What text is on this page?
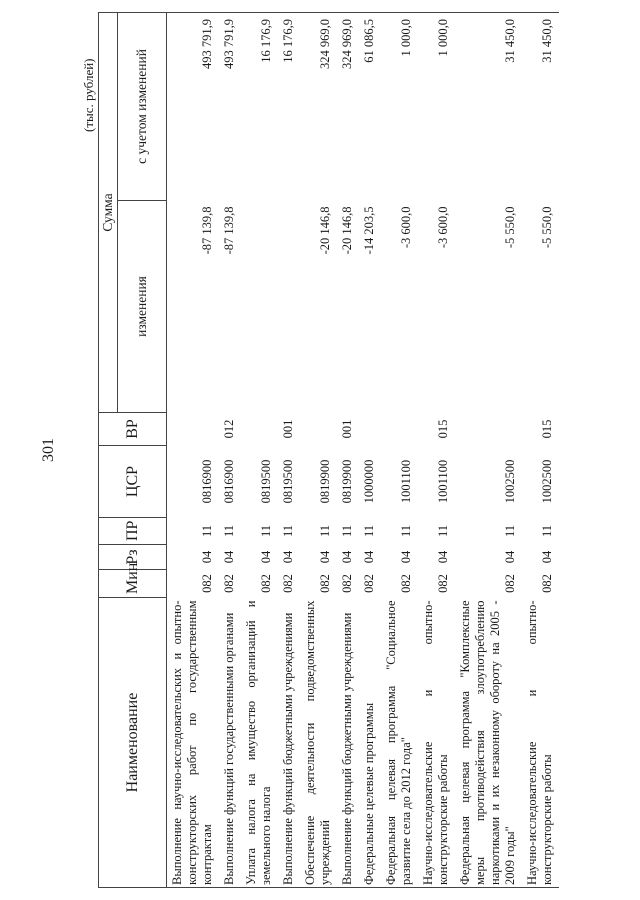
301
(тыс. рублей)
Наименование	Мин	Рз	ПР	ЦСР	ВР	Сумма	
						изменения	с учетом изменений
Выполнение научно-исследовательских и опытно-конструкторских работ по государственным контрактам	082	04	11	0816900		-87 139,8	493 791,9
Выполнение функций государственными органами	082	04	11	0816900	012	-87 139,8	493 791,9
Уплата налога на имущество организаций и земельного налога	082	04	11	0819500			16 176,9
Выполнение функций бюджетными учреждениями	082	04	11	0819500	001		16 176,9
Обеспечение деятельности подведомственных учреждений	082	04	11	0819900		-20 146,8	324 969,0
Выполнение функций бюджетными учреждениями	082	04	11	0819900	001	-20 146,8	324 969,0
Федеральные целевые программы	082	04	11	1000000		-14 203,5	61 086,5
Федеральная целевая программа "Социальное развитие села до 2012 года"	082	04	11	1001100		-3 600,0	1 000,0
Научно-исследовательские и опытно-конструкторские работы	082	04	11	1001100	015	-3 600,0	1 000,0
Федеральная целевая программа "Комплексные меры противодействия злоупотреблению наркотиками и их незаконному обороту на 2005 - 2009 годы"	082	04	11	1002500		-5 550,0	31 450,0
Научно-исследовательские и опытно-конструкторские работы	082	04	11	1002500	015	-5 550,0	31 450,0
